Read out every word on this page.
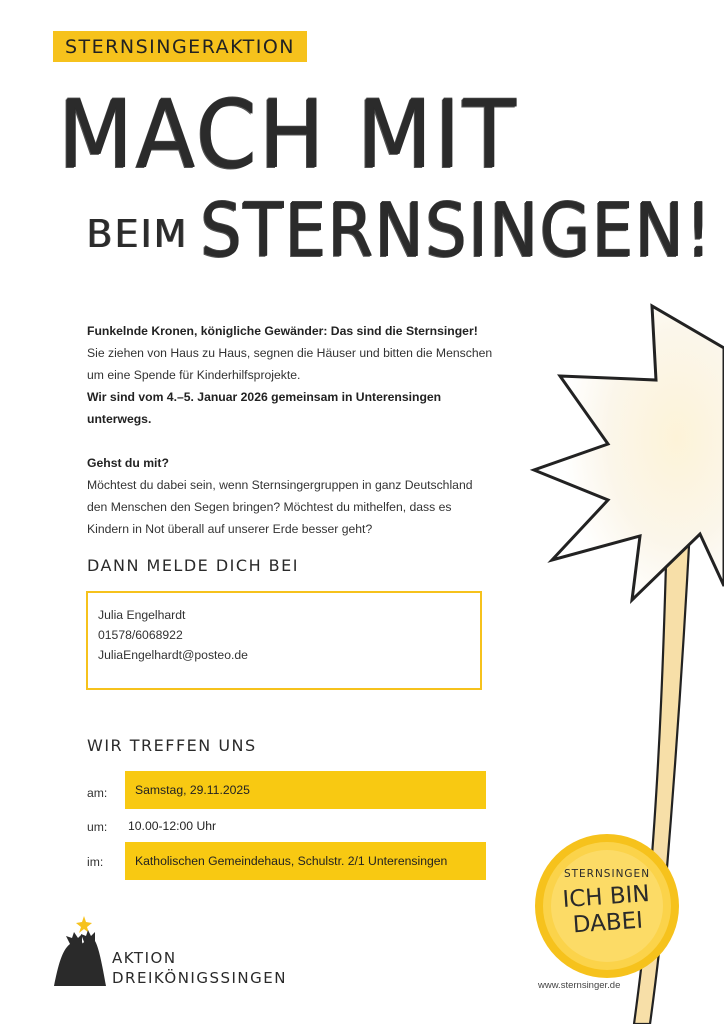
STERNSINGERAKTION
MACH MIT
BEIM STERNSINGEN!

Funkelnde Kronen, königliche Gewänder: Das sind die Sternsinger!

Sie ziehen von Haus zu Haus, segnen die Häuser und bitten die Menschen

um eine Spende für Kinderhilfsprojekte.

Wir sind vom 4.–5. Januar 2026 gemeinsam in Unterensingen unterwegs.

Gehst du mit?

Möchtest du dabei sein, wenn Sternsingergruppen in ganz Deutschland

den Menschen den Segen bringen? Möchtest du mithelfen, dass es

Kindern in Not überall auf unserer Erde besser geht?

DANN MELDE DICH BEI
Julia Engelhardt
01578/6068922
JuliaEngelhardt@posteo.de
WIR TREFFEN UNS
am:	Samstag, 29.11.2025
um: 10.00-12:00 Uhr
im:	Katholischen Gemeindehaus, Schulstr. 2/1 Unterensingen
AKTION
DREIKÖNIGSSINGEN
STERNSINGEN
ICH BIN
DABEI
www.sternsinger.de
